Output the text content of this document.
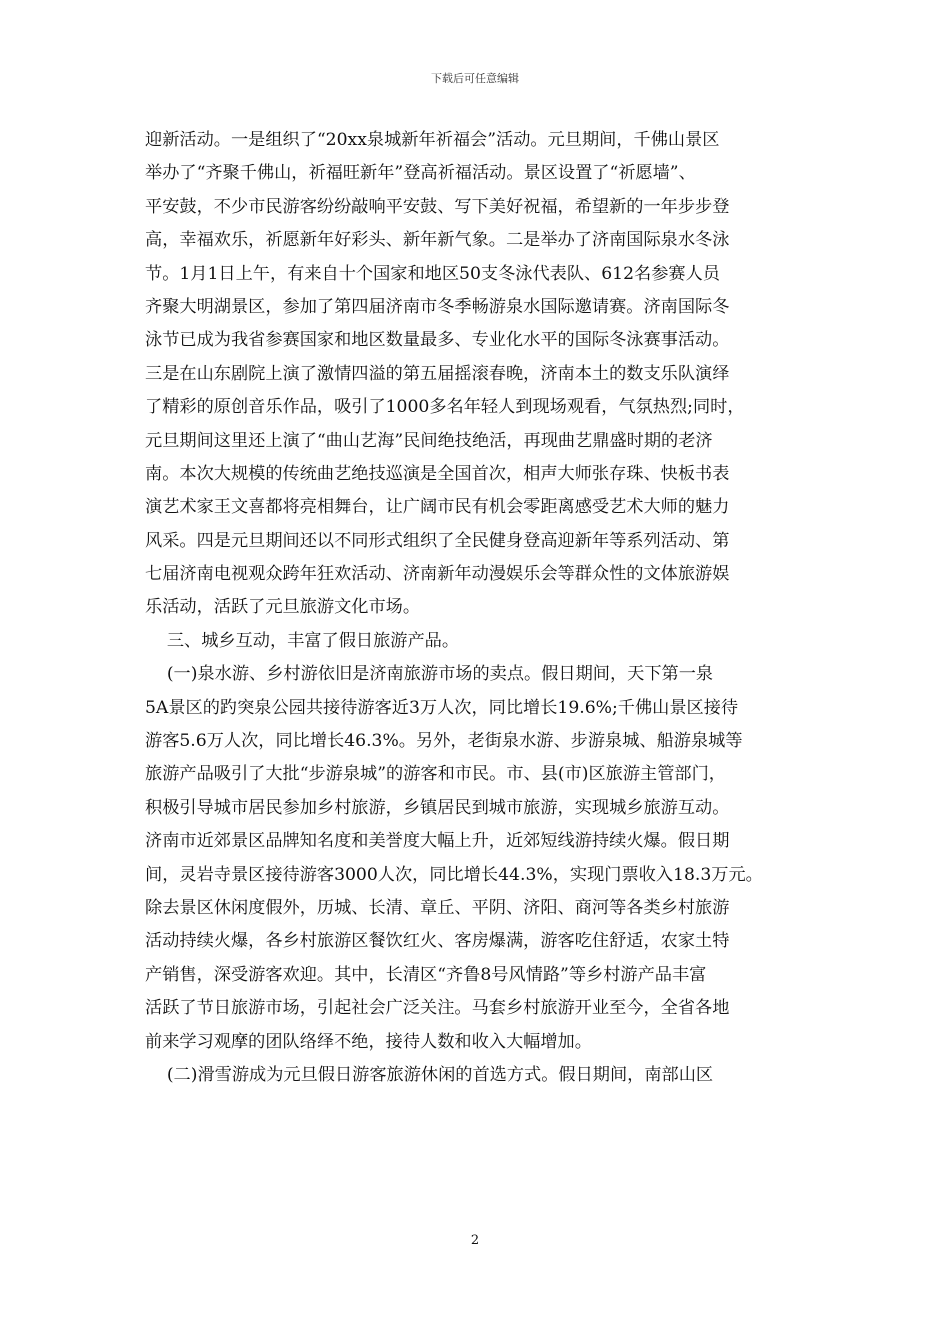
下载后可任意编辑
迎新活动。一是组织了“20xx泉城新年祈福会”活动。元旦期间，千佛山景区
举办了“齐聚千佛山，祈福旺新年”登高祈福活动。景区设置了“祈愿墙”、
平安鼓，不少市民游客纷纷敲响平安鼓、写下美好祝福，希望新的一年步步登
高，幸福欢乐，祈愿新年好彩头、新年新气象。二是举办了济南国际泉水冬泳
节。1月1日上午，有来自十个国家和地区50支冬泳代表队、612名参赛人员
齐聚大明湖景区，参加了第四届济南市冬季畅游泉水国际邀请赛。济南国际冬
泳节已成为我省参赛国家和地区数量最多、专业化水平的国际冬泳赛事活动。
三是在山东剧院上演了激情四溢的第五届摇滚春晚，济南本土的数支乐队演绎
了精彩的原创音乐作品，吸引了1000多名年轻人到现场观看，气氛热烈;同时，
元旦期间这里还上演了“曲山艺海”民间绝技绝活，再现曲艺鼎盛时期的老济
南。本次大规模的传统曲艺绝技巡演是全国首次，相声大师张存珠、快板书表
演艺术家王文喜都将亮相舞台，让广阔市民有机会零距离感受艺术大师的魅力
风采。四是元旦期间还以不同形式组织了全民健身登高迎新年等系列活动、第
七届济南电视观众跨年狂欢活动、济南新年动漫娱乐会等群众性的文体旅游娱
乐活动，活跃了元旦旅游文化市场。
三、城乡互动，丰富了假日旅游产品。
(一)泉水游、乡村游依旧是济南旅游市场的卖点。假日期间，天下第一泉
5A景区的趵突泉公园共接待游客近3万人次，同比增长19.6%;千佛山景区接待
游客5.6万人次，同比增长46.3%。另外，老街泉水游、步游泉城、船游泉城等
旅游产品吸引了大批“步游泉城”的游客和市民。市、县(市)区旅游主管部门，
积极引导城市居民参加乡村旅游，乡镇居民到城市旅游，实现城乡旅游互动。
济南市近郊景区品牌知名度和美誉度大幅上升，近郊短线游持续火爆。假日期
间，灵岩寺景区接待游客3000人次，同比增长44.3%，实现门票收入18.3万元。
除去景区休闲度假外，历城、长清、章丘、平阴、济阳、商河等各类乡村旅游
活动持续火爆，各乡村旅游区餐饮红火、客房爆满，游客吃住舒适，农家土特
产销售，深受游客欢迎。其中，长清区“齐鲁8号风情路”等乡村游产品丰富
活跃了节日旅游市场，引起社会广泛关注。马套乡村旅游开业至今，全省各地
前来学习观摩的团队络绎不绝，接待人数和收入大幅增加。
(二)滑雪游成为元旦假日游客旅游休闲的首选方式。假日期间，南部山区
2
